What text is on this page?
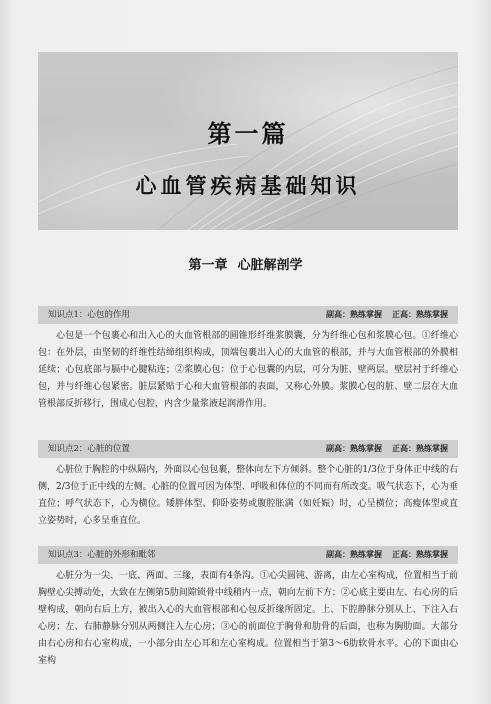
第一篇
心血管疾病基础知识
第一章 心脏解剖学
知识点1：心包的作用	副高：熟练掌握 正高：熟练掌握
心包是一个包裹心和出入心的大血管根部的圆锥形纤维浆膜囊，分为纤维心包和浆膜心包。①纤维心包：在外层，由坚韧的纤维性结缔组织构成，顶端包裹出入心的大血管的根部，并与大血管根部的外膜相延续；心包底部与膈中心腱粘连；②浆膜心包：位于心包囊的内层，可分为脏、壁两层。壁层衬于纤维心包，并与纤维心包紧密。脏层紧贴于心和大血管根部的表面，又称心外膜。浆膜心包的脏、壁二层在大血管根部反折移行，围成心包腔，内含少量浆液起润滑作用。
知识点2：心脏的位置	副高：熟练掌握 正高：熟练掌握
心脏位于胸腔的中纵隔内，外面以心包包裹，整体向左下方倾斜。整个心脏的1/3位于身体正中线的右侧，2/3位于正中线的左侧。心脏的位置可因为体型、呼吸和体位的不同而有所改变。吸气状态下，心为垂直位；呼气状态下，心为横位。矮胖体型、仰卧姿势或腹腔胀满（如妊娠）时，心呈横位；高瘦体型或直立姿势时，心多呈垂直位。
知识点3：心脏的外形和毗邻	副高：熟练掌握 正高：熟练掌握
心脏分为一尖、一底、两面、三缘，表面有4条沟。①心尖圆钝、游离，由左心室构成，位置相当于前胸壁心尖搏动处，大致在左侧第5肋间隙锁骨中线稍内一点，朝向左前下方；②心底主要由左、右心房的后壁构成，朝向右后上方，被出入心的大血管根部和心包反折缘所固定。上、下腔静脉分别从上、下注入右心房；左、右肺静脉分别从两侧注入左心房；③心的前面位于胸骨和肋骨的后面，也称为胸肋面。大部分由右心房和右心室构成，一小部分由左心耳和左心室构成。位置相当于第3～6肋软骨水平。心的下面由心室构
